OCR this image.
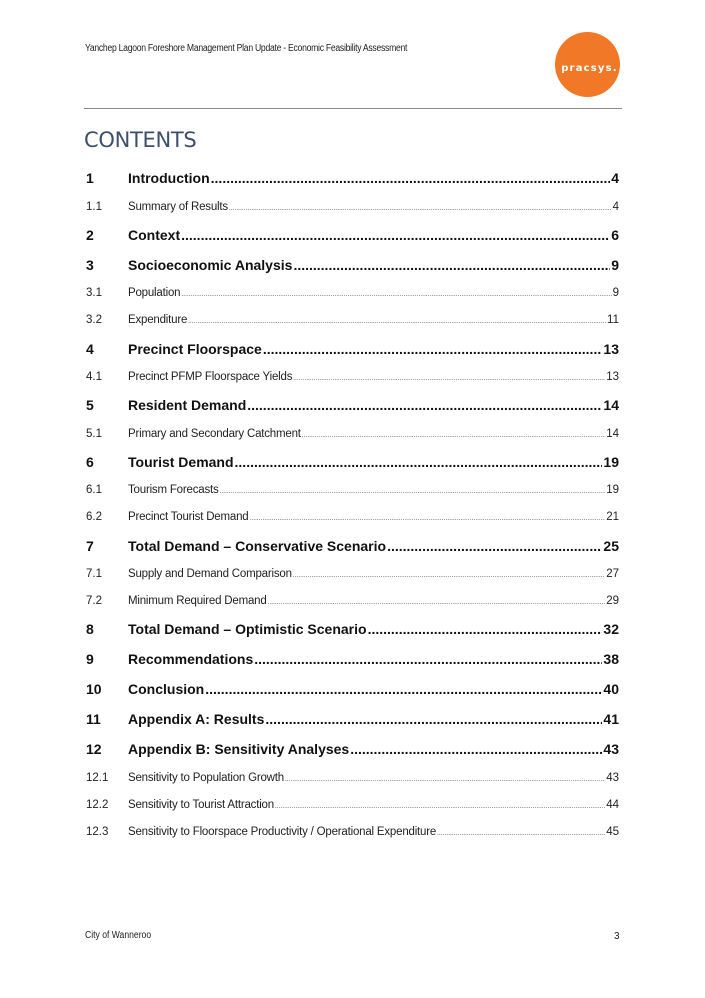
Yanchep Lagoon Foreshore Management Plan Update - Economic Feasibility Assessment
pracsys.
CONTENTS
1	Introduction .....	4
1.1	Summary of Results .....	4
2	Context .....	6
3	Socioeconomic Analysis .....	9
3.1	Population .....	9
3.2	Expenditure .....	11
4	Precinct Floorspace .....	13
4.1	Precinct PFMP Floorspace Yields .....	13
5	Resident Demand .....	14
5.1	Primary and Secondary Catchment .....	14
6	Tourist Demand .....	19
6.1	Tourism Forecasts .....	19
6.2	Precinct Tourist Demand .....	21
7	Total Demand – Conservative Scenario .....	25
7.1	Supply and Demand Comparison .....	27
7.2	Minimum Required Demand .....	29
8	Total Demand – Optimistic Scenario .....	32
9	Recommendations .....	38
10	Conclusion .....	40
11	Appendix A: Results .....	41
12	Appendix B: Sensitivity Analyses .....	43
12.1	Sensitivity to Population Growth .....	43
12.2	Sensitivity to Tourist Attraction .....	44
12.3	Sensitivity to Floorspace Productivity / Operational Expenditure .....	45
City of Wanneroo	3
